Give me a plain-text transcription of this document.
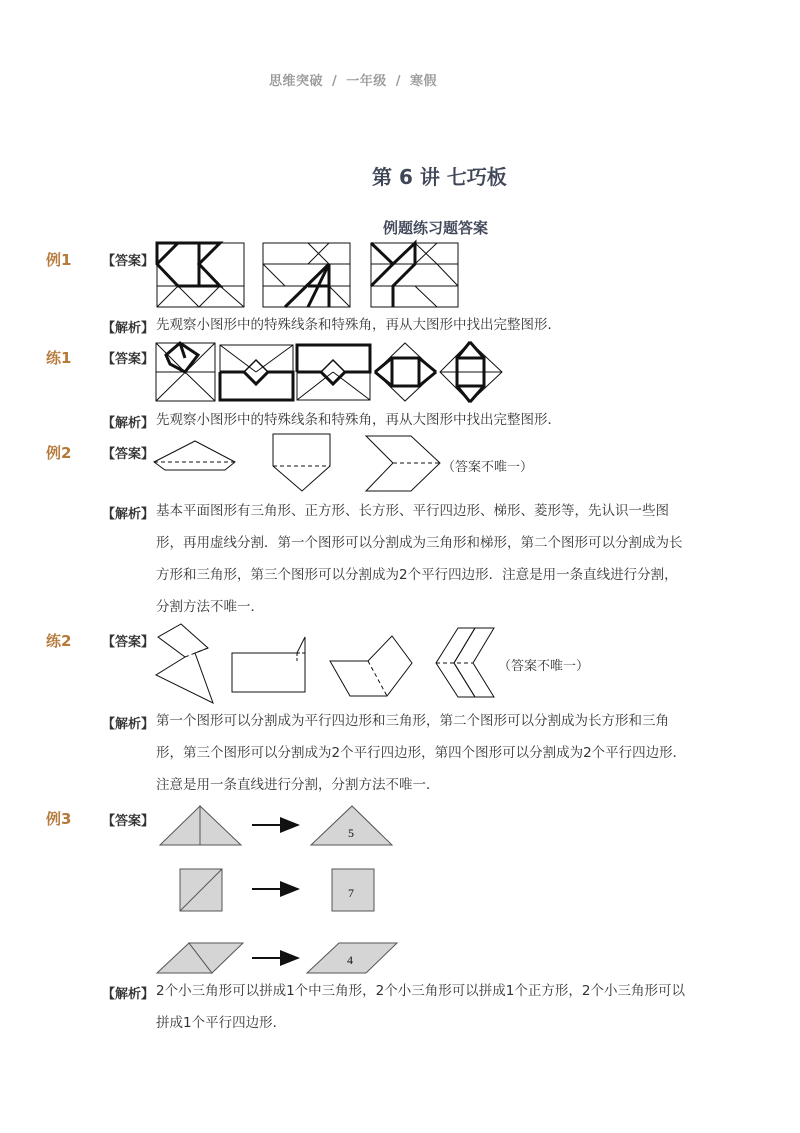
思维突破 / 一年级 / 寒假
第 6 讲 七巧板
例题练习题答案
例1 【答案】
【解析】 先观察小图形中的特殊线条和特殊角，再从大图形中找出完整图形．
练1 【答案】
【解析】 先观察小图形中的特殊线条和特殊角，再从大图形中找出完整图形．
例2 【答案】
（答案不唯一）
【解析】 基本平面图形有三角形、正方形、长方形、平行四边形、梯形、菱形等，先认识一些图
形，再用虚线分割．第一个图形可以分割成为三角形和梯形，第二个图形可以分割成为长
方形和三角形，第三个图形可以分割成为2个平行四边形．注意是用一条直线进行分割，
分割方法不唯一．
练2 【答案】
（答案不唯一）
【解析】 第一个图形可以分割成为平行四边形和三角形，第二个图形可以分割成为长方形和三角
形，第三个图形可以分割成为2个平行四边形，第四个图形可以分割成为2个平行四边形．
注意是用一条直线进行分割，分割方法不唯一．
例3 【答案】
5
7
4
【解析】 2个小三角形可以拼成1个中三角形，2个小三角形可以拼成1个正方形，2个小三角形可以
拼成1个平行四边形．
